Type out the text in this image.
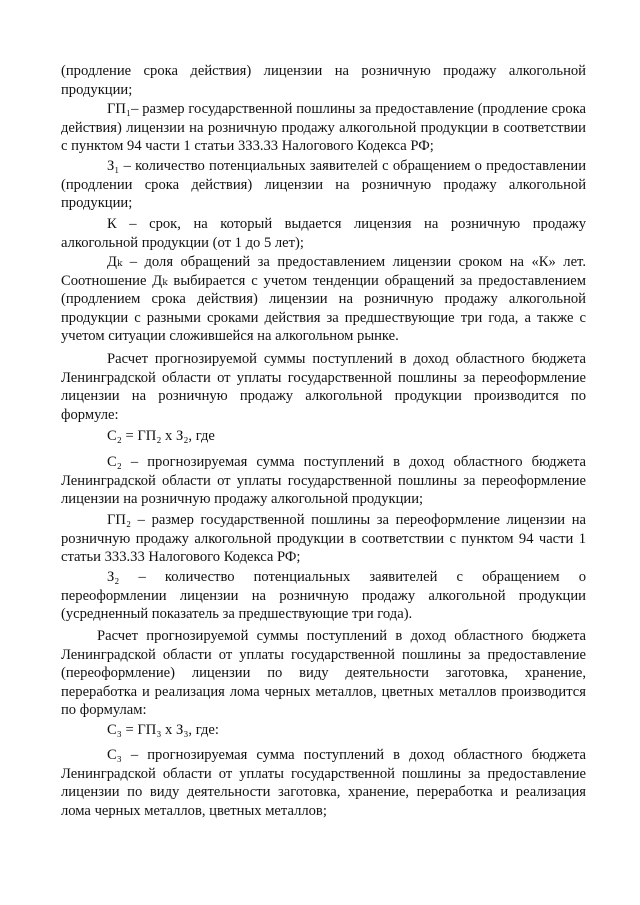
(продление срока действия) лицензии на розничную продажу алкогольной продукции;

ГП₁– размер государственной пошлины за предоставление (продление срока действия) лицензии на розничную продажу алкогольной продукции в соответствии с пунктом 94 части 1 статьи 333.33 Налогового Кодекса РФ;

З₁ – количество потенциальных заявителей с обращением о предоставлении (продлении срока действия) лицензии на розничную продажу алкогольной продукции;

К – срок, на который выдается лицензия на розничную продажу алкогольной продукции (от 1 до 5 лет);

Дₖ – доля обращений за предоставлением лицензии сроком на «К» лет. Соотношение Дₖ выбирается с учетом тенденции обращений за предоставлением (продлением срока действия) лицензии на розничную продажу алкогольной продукции с разными сроками действия за предшествующие три года, а также с учетом ситуации сложившейся на алкогольном рынке.

Расчет прогнозируемой суммы поступлений в доход областного бюджета Ленинградской области от уплаты государственной пошлины за переоформление лицензии на розничную продажу алкогольной продукции производится по формуле:

С₂ = ГП₂ х З₂, где

С₂ – прогнозируемая сумма поступлений в доход областного бюджета Ленинградской области от уплаты государственной пошлины за переоформление лицензии на розничную продажу алкогольной продукции;

ГП₂ – размер государственной пошлины за переоформление лицензии на розничную продажу алкогольной продукции в соответствии с пунктом 94 части 1 статьи 333.33 Налогового Кодекса РФ;

З₂ – количество потенциальных заявителей с обращением о переоформлении лицензии на розничную продажу алкогольной продукции (усредненный показатель за предшествующие три года).

Расчет прогнозируемой суммы поступлений в доход областного бюджета Ленинградской области от уплаты государственной пошлины за предоставление (переоформление) лицензии по виду деятельности заготовка, хранение, переработка и реализация лома черных металлов, цветных металлов производится по формулам:

С₃ = ГП₃ х З₃, где:

С₃ – прогнозируемая сумма поступлений в доход областного бюджета Ленинградской области от уплаты государственной пошлины за предоставление лицензии по виду деятельности заготовка, хранение, переработка и реализация лома черных металлов, цветных металлов;
